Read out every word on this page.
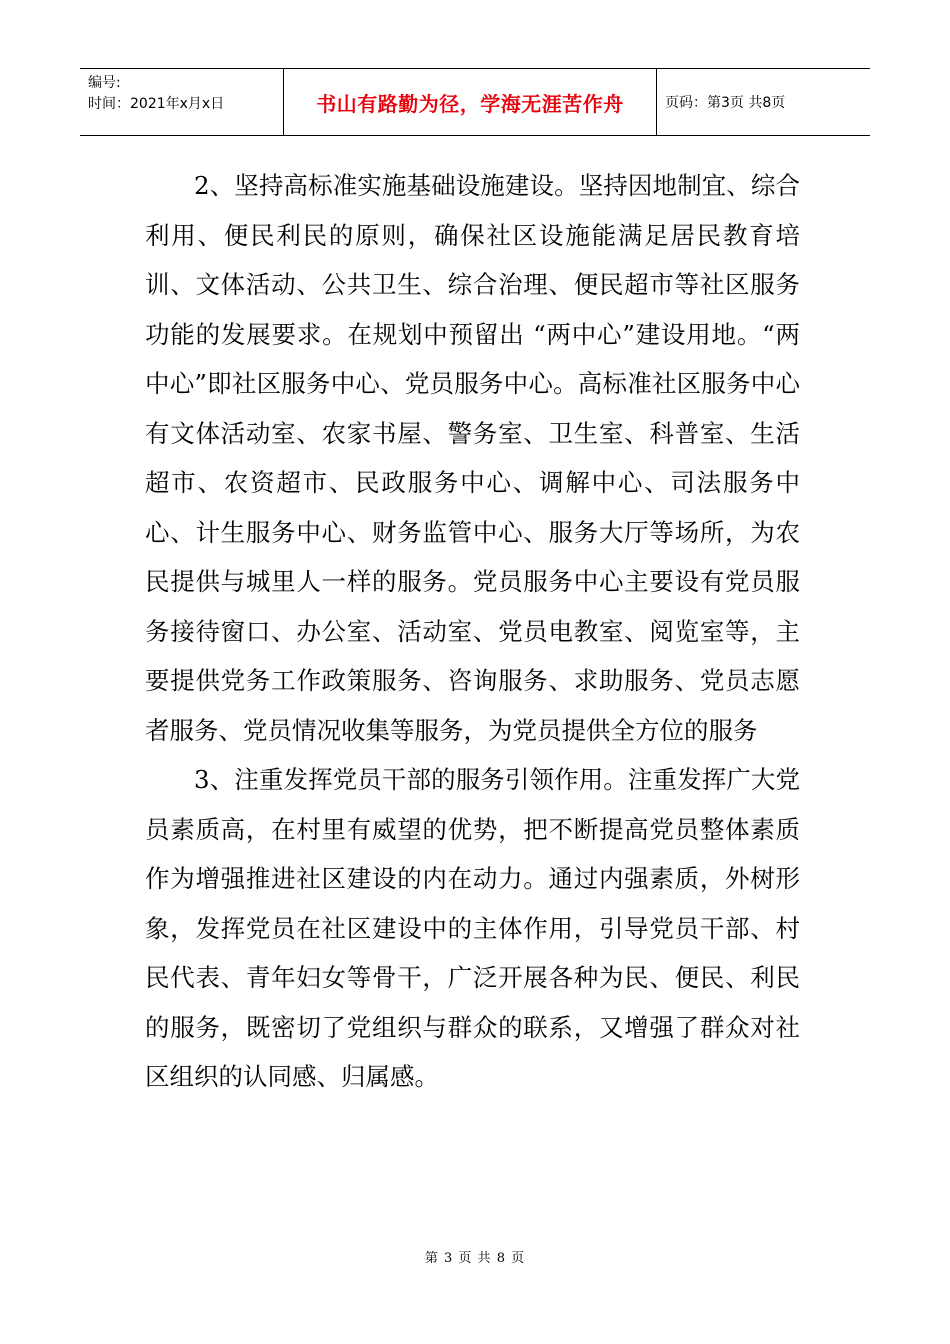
编号:
时间：2021年x月x日	书山有路勤为径，学海无涯苦作舟	页码：第3页 共8页

2、坚持高标准实施基础设施建设。坚持因地制宜、综合利用、便民利民的原则，确保社区设施能满足居民教育培训、文体活动、公共卫生、综合治理、便民超市等社区服务功能的发展要求。在规划中预留出 “两中心”建设用地。“两中心”即社区服务中心、党员服务中心。高标准社区服务中心有文体活动室、农家书屋、警务室、卫生室、科普室、生活超市、农资超市、民政服务中心、调解中心、司法服务中心、计生服务中心、财务监管中心、服务大厅等场所，为农民提供与城里人一样的服务。党员服务中心主要设有党员服务接待窗口、办公室、活动室、党员电教室、阅览室等，主要提供党务工作政策服务、咨询服务、求助服务、党员志愿者服务、党员情况收集等服务，为党员提供全方位的服务

3、注重发挥党员干部的服务引领作用。注重发挥广大党员素质高，在村里有威望的优势，把不断提高党员整体素质作为增强推进社区建设的内在动力。通过内强素质，外树形象，发挥党员在社区建设中的主体作用，引导党员干部、村民代表、青年妇女等骨干，广泛开展各种为民、便民、利民的服务，既密切了党组织与群众的联系，又增强了群众对社区组织的认同感、归属感。

第 3 页 共 8 页
